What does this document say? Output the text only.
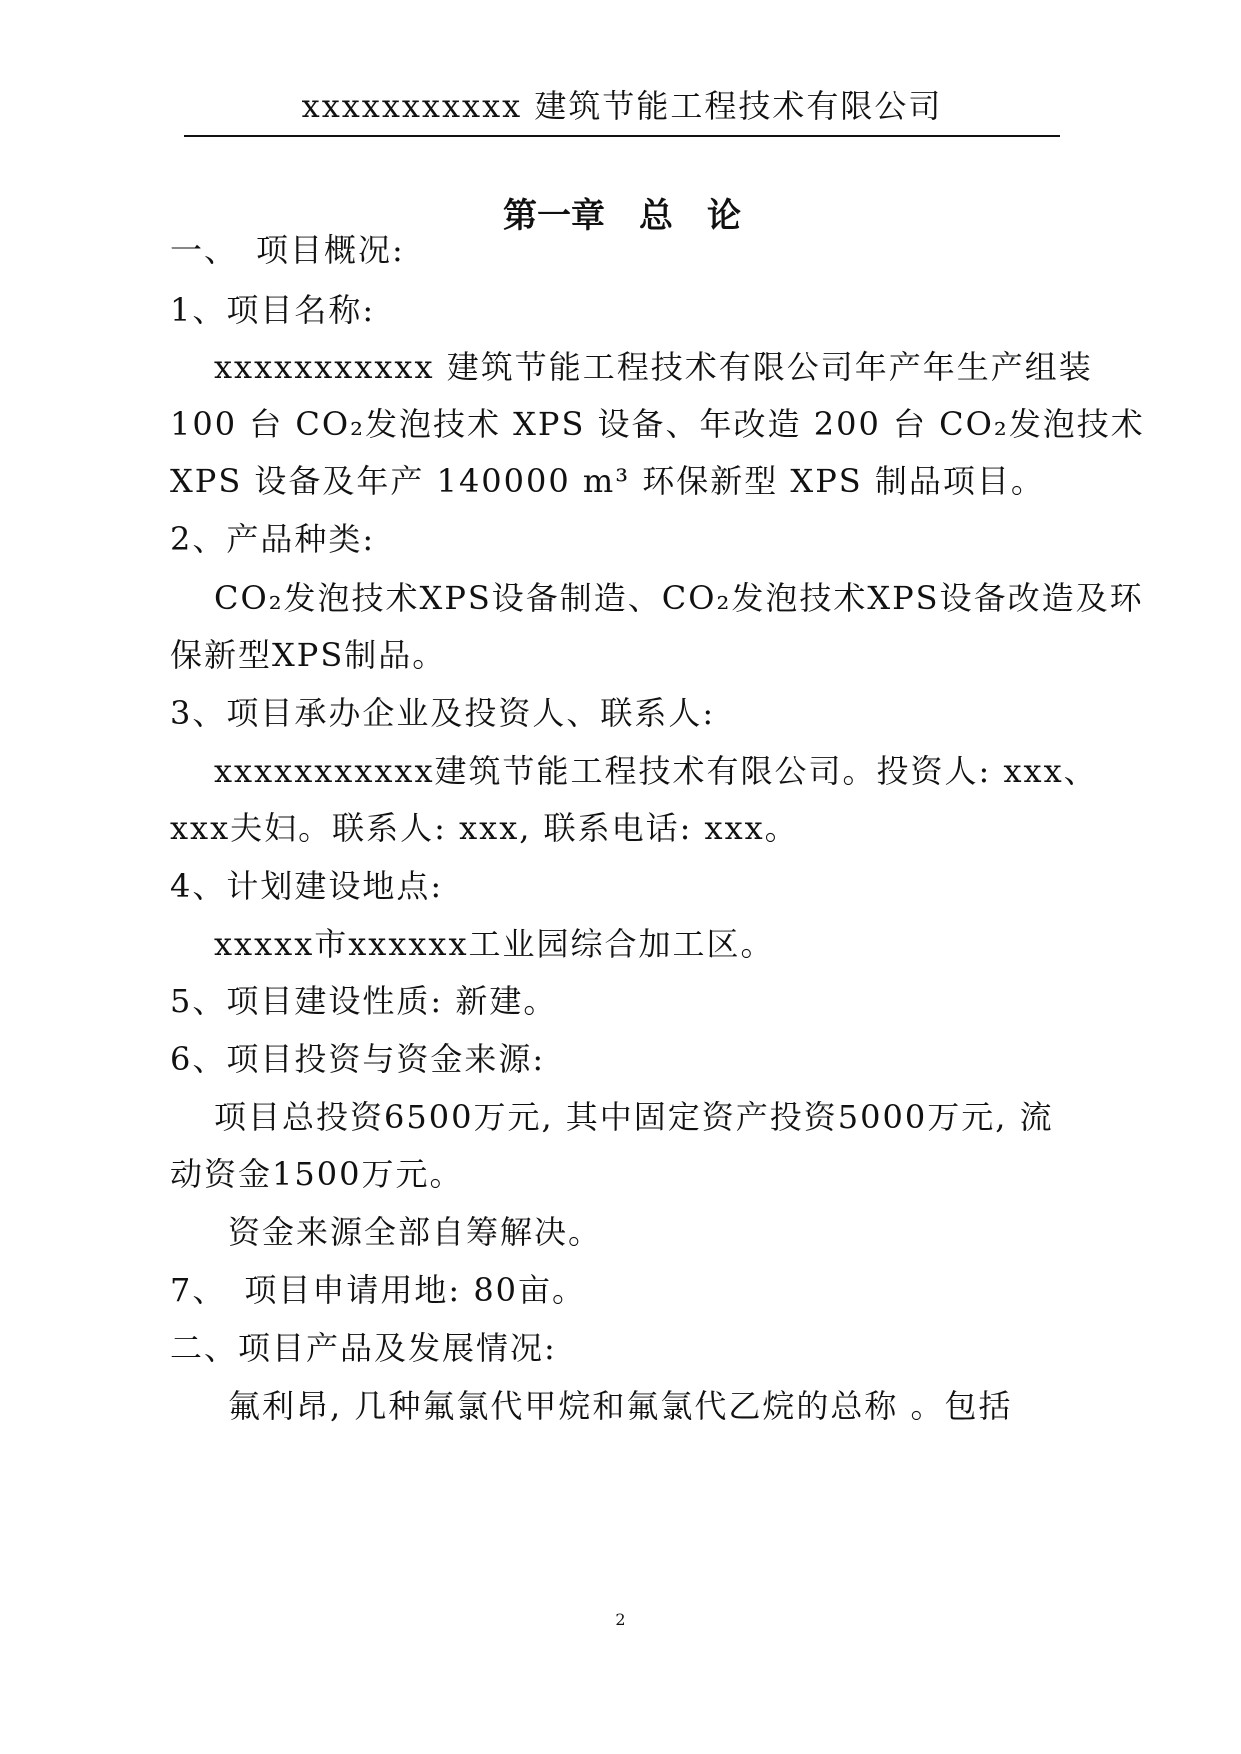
xxxxxxxxxxx 建筑节能工程技术有限公司
第一章　总　论
一、　项目概况:
1、项目名称:
xxxxxxxxxxx 建筑节能工程技术有限公司年产年生产组装
100 台 CO₂发泡技术 XPS 设备、年改造 200 台 CO₂发泡技术
XPS 设备及年产 140000 m³ 环保新型 XPS 制品项目。
2、产品种类:
CO₂发泡技术XPS设备制造、CO₂发泡技术XPS设备改造及环
保新型XPS制品。
3、项目承办企业及投资人、联系人:
xxxxxxxxxxx建筑节能工程技术有限公司。投资人: xxx、
xxx夫妇。联系人: xxx, 联系电话: xxx。
4、计划建设地点:
xxxxx市xxxxxx工业园综合加工区。
5、项目建设性质: 新建。
6、项目投资与资金来源:
项目总投资6500万元, 其中固定资产投资5000万元, 流
动资金1500万元。
资金来源全部自筹解决。
7、　项目申请用地: 80亩。
二、项目产品及发展情况:
氟利昂, 几种氟氯代甲烷和氟氯代乙烷的总称 。包括
2
